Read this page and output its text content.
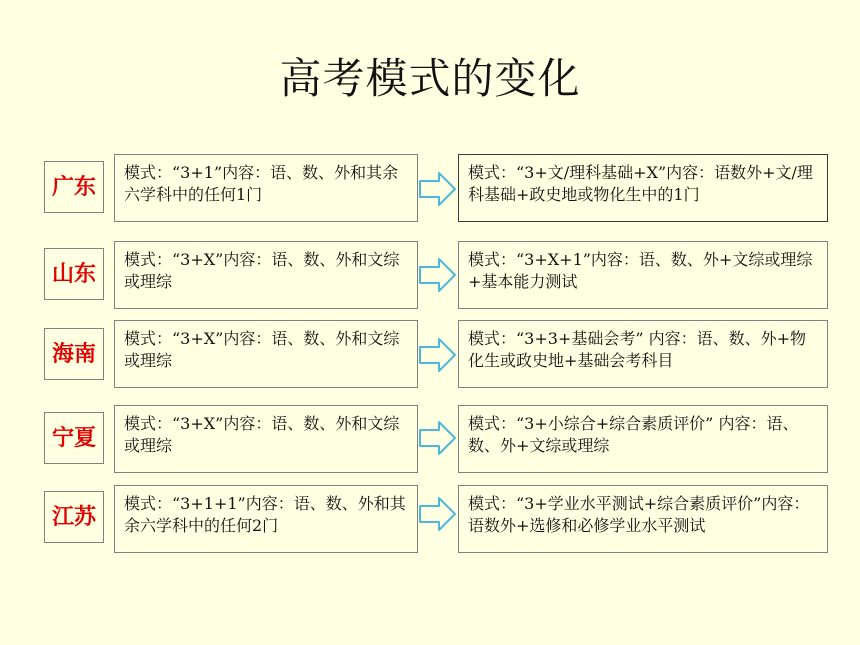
高考模式的变化
广东
模式：“3+1”内容：语、数、外和其余六学科中的任何1门
模式：“3+文/理科基础+X”内容：语数外+文/理科基础+政史地或物化生中的1门
山东
模式：“3+X”内容：语、数、外和文综或理综
模式：“3+X+1”内容：语、数、外+文综或理综+基本能力测试
海南
模式：“3+X”内容：语、数、外和文综或理综
模式：“3+3+基础会考” 内容：语、数、外+物化生或政史地+基础会考科目
宁夏
模式：“3+X”内容：语、数、外和文综或理综
模式：“3+小综合+综合素质评价” 内容：语、数、外+文综或理综
江苏
模式：“3+1+1”内容：语、数、外和其余六学科中的任何2门
模式：“3+学业水平测试+综合素质评价”内容：语数外+选修和必修学业水平测试
